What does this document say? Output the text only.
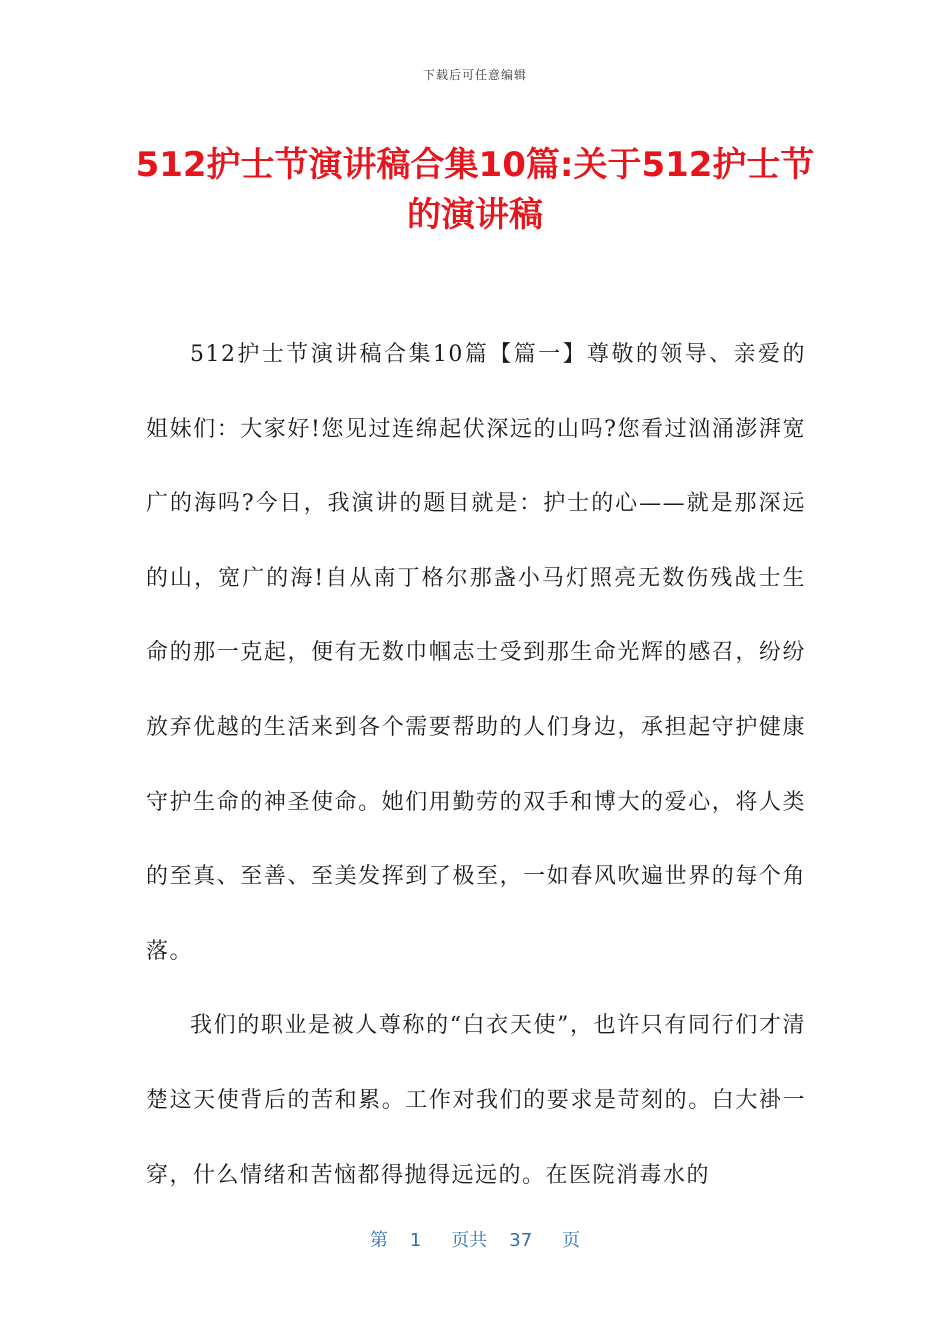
下载后可任意编辑
512护士节演讲稿合集10篇:关于512护士节的演讲稿

512护士节演讲稿合集10篇【篇一】尊敬的领导、亲爱的姐妹们：大家好!您见过连绵起伏深远的山吗?您看过汹涌澎湃宽广的海吗?今日，我演讲的题目就是：护士的心——就是那深远的山，宽广的海!自从南丁格尔那盏小马灯照亮无数伤残战士生命的那一克起，便有无数巾帼志士受到那生命光辉的感召，纷纷放弃优越的生活来到各个需要帮助的人们身边，承担起守护健康守护生命的神圣使命。她们用勤劳的双手和博大的爱心，将人类的至真、至善、至美发挥到了极至，一如春风吹遍世界的每个角落。

我们的职业是被人尊称的“白衣天使”，也许只有同行们才清楚这天使背后的苦和累。工作对我们的要求是苛刻的。白大褂一穿，什么情绪和苦恼都得抛得远远的。在医院消毒水的

第 1 页共 37 页
